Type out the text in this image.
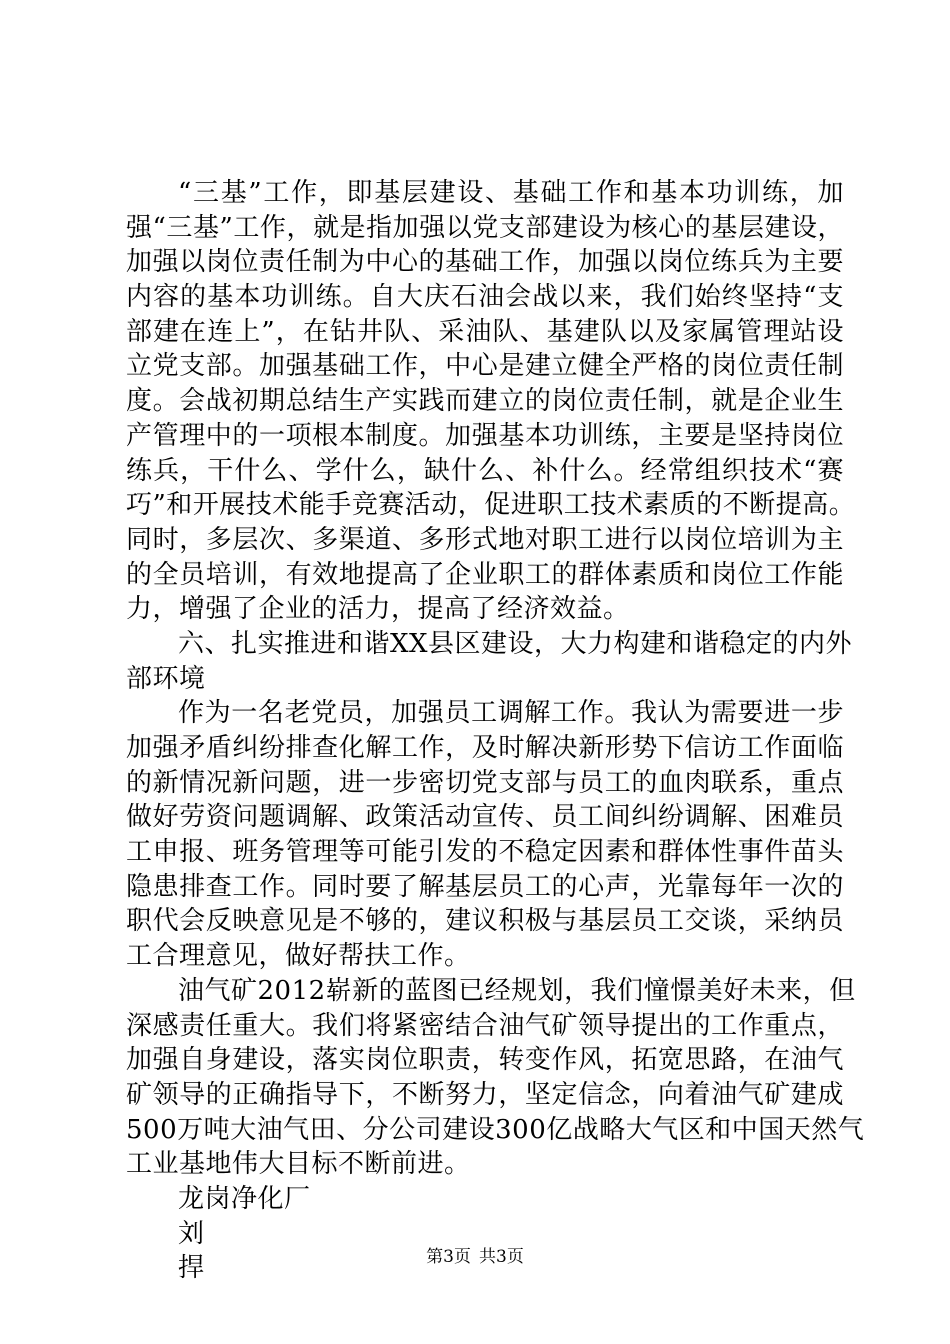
“三基”工作，即基层建设、基础工作和基本功训练，加
强“三基”工作，就是指加强以党支部建设为核心的基层建设，
加强以岗位责任制为中心的基础工作，加强以岗位练兵为主要
内容的基本功训练。自大庆石油会战以来，我们始终坚持“支
部建在连上”，在钻井队、采油队、基建队以及家属管理站设
立党支部。加强基础工作，中心是建立健全严格的岗位责任制
度。会战初期总结生产实践而建立的岗位责任制，就是企业生
产管理中的一项根本制度。加强基本功训练，主要是坚持岗位
练兵，干什么、学什么，缺什么、补什么。经常组织技术“赛
巧”和开展技术能手竞赛活动，促进职工技术素质的不断提高。
同时，多层次、多渠道、多形式地对职工进行以岗位培训为主
的全员培训，有效地提高了企业职工的群体素质和岗位工作能
力，增强了企业的活力，提高了经济效益。
六、扎实推进和谐XX县区建设，大力构建和谐稳定的内外
部环境
作为一名老党员，加强员工调解工作。我认为需要进一步
加强矛盾纠纷排查化解工作，及时解决新形势下信访工作面临
的新情况新问题，进一步密切党支部与员工的血肉联系，重点
做好劳资问题调解、政策活动宣传、员工间纠纷调解、困难员
工申报、班务管理等可能引发的不稳定因素和群体性事件苗头
隐患排查工作。同时要了解基层员工的心声，光靠每年一次的
职代会反映意见是不够的，建议积极与基层员工交谈，采纳员
工合理意见，做好帮扶工作。
油气矿2012崭新的蓝图已经规划，我们憧憬美好未来，但
深感责任重大。我们将紧密结合油气矿领导提出的工作重点，
加强自身建设，落实岗位职责，转变作风，拓宽思路，在油气
矿领导的正确指导下，不断努力，坚定信念，向着油气矿建成
500万吨大油气田、分公司建设300亿战略大气区和中国天然气
工业基地伟大目标不断前进。
龙岗净化厂
刘
捍	第3页 共3页
